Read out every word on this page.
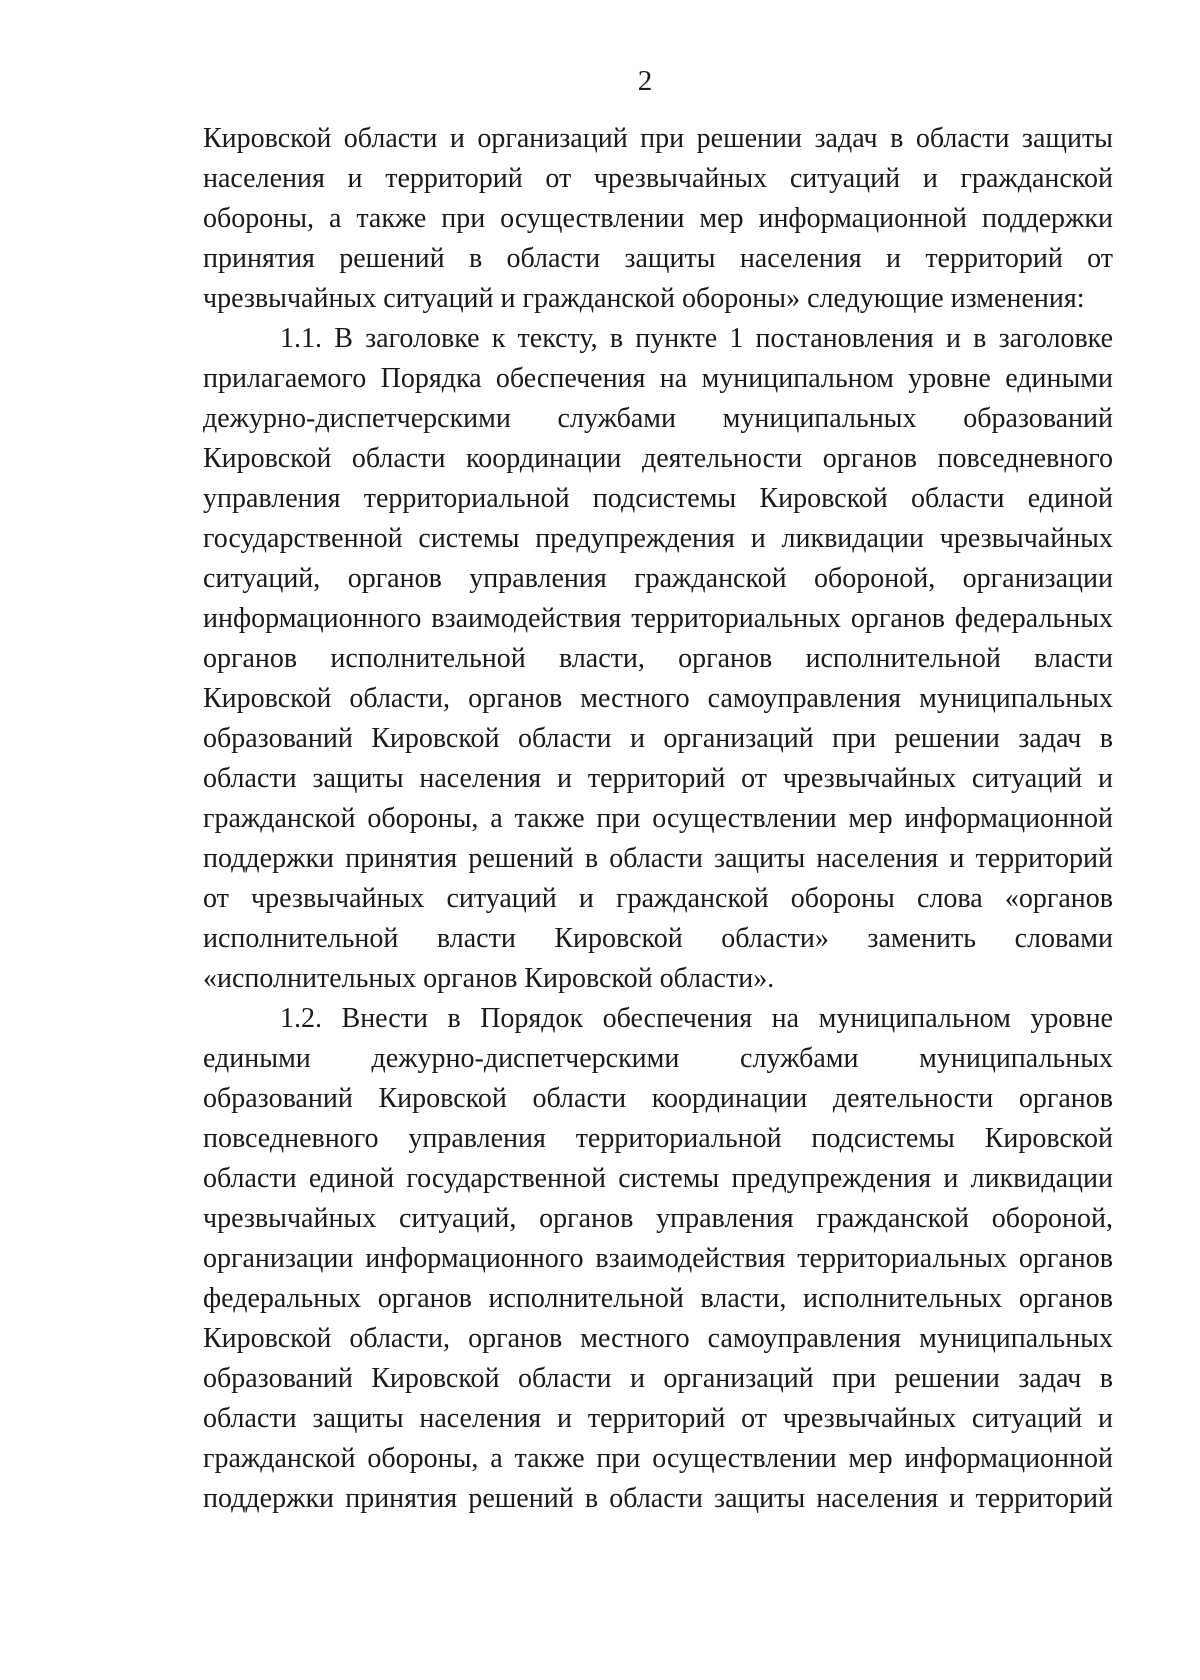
2
Кировской области и организаций при решении задач в области защиты
населения и территорий от чрезвычайных ситуаций и гражданской
обороны, а также при осуществлении мер информационной поддержки
принятия решений в области защиты населения и территорий от
чрезвычайных ситуаций и гражданской обороны» следующие изменения:
1.1. В заголовке к тексту, в пункте 1 постановления и в заголовке
прилагаемого Порядка обеспечения на муниципальном уровне едиными
дежурно-диспетчерскими службами муниципальных образований
Кировской области координации деятельности органов повседневного
управления территориальной подсистемы Кировской области единой
государственной системы предупреждения и ликвидации чрезвычайных
ситуаций, органов управления гражданской обороной, организации
информационного взаимодействия территориальных органов федеральных
органов исполнительной власти, органов исполнительной власти
Кировской области, органов местного самоуправления муниципальных
образований Кировской области и организаций при решении задач в
области защиты населения и территорий от чрезвычайных ситуаций и
гражданской обороны, а также при осуществлении мер информационной
поддержки принятия решений в области защиты населения и территорий
от чрезвычайных ситуаций и гражданской обороны слова «органов
исполнительной власти Кировской области» заменить словами
«исполнительных органов Кировской области».
1.2. Внести в Порядок обеспечения на муниципальном уровне
едиными дежурно-диспетчерскими службами муниципальных
образований Кировской области координации деятельности органов
повседневного управления территориальной подсистемы Кировской
области единой государственной системы предупреждения и ликвидации
чрезвычайных ситуаций, органов управления гражданской обороной,
организации информационного взаимодействия территориальных органов
федеральных органов исполнительной власти, исполнительных органов
Кировской области, органов местного самоуправления муниципальных
образований Кировской области и организаций при решении задач в
области защиты населения и территорий от чрезвычайных ситуаций и
гражданской обороны, а также при осуществлении мер информационной
поддержки принятия решений в области защиты населения и территорий
